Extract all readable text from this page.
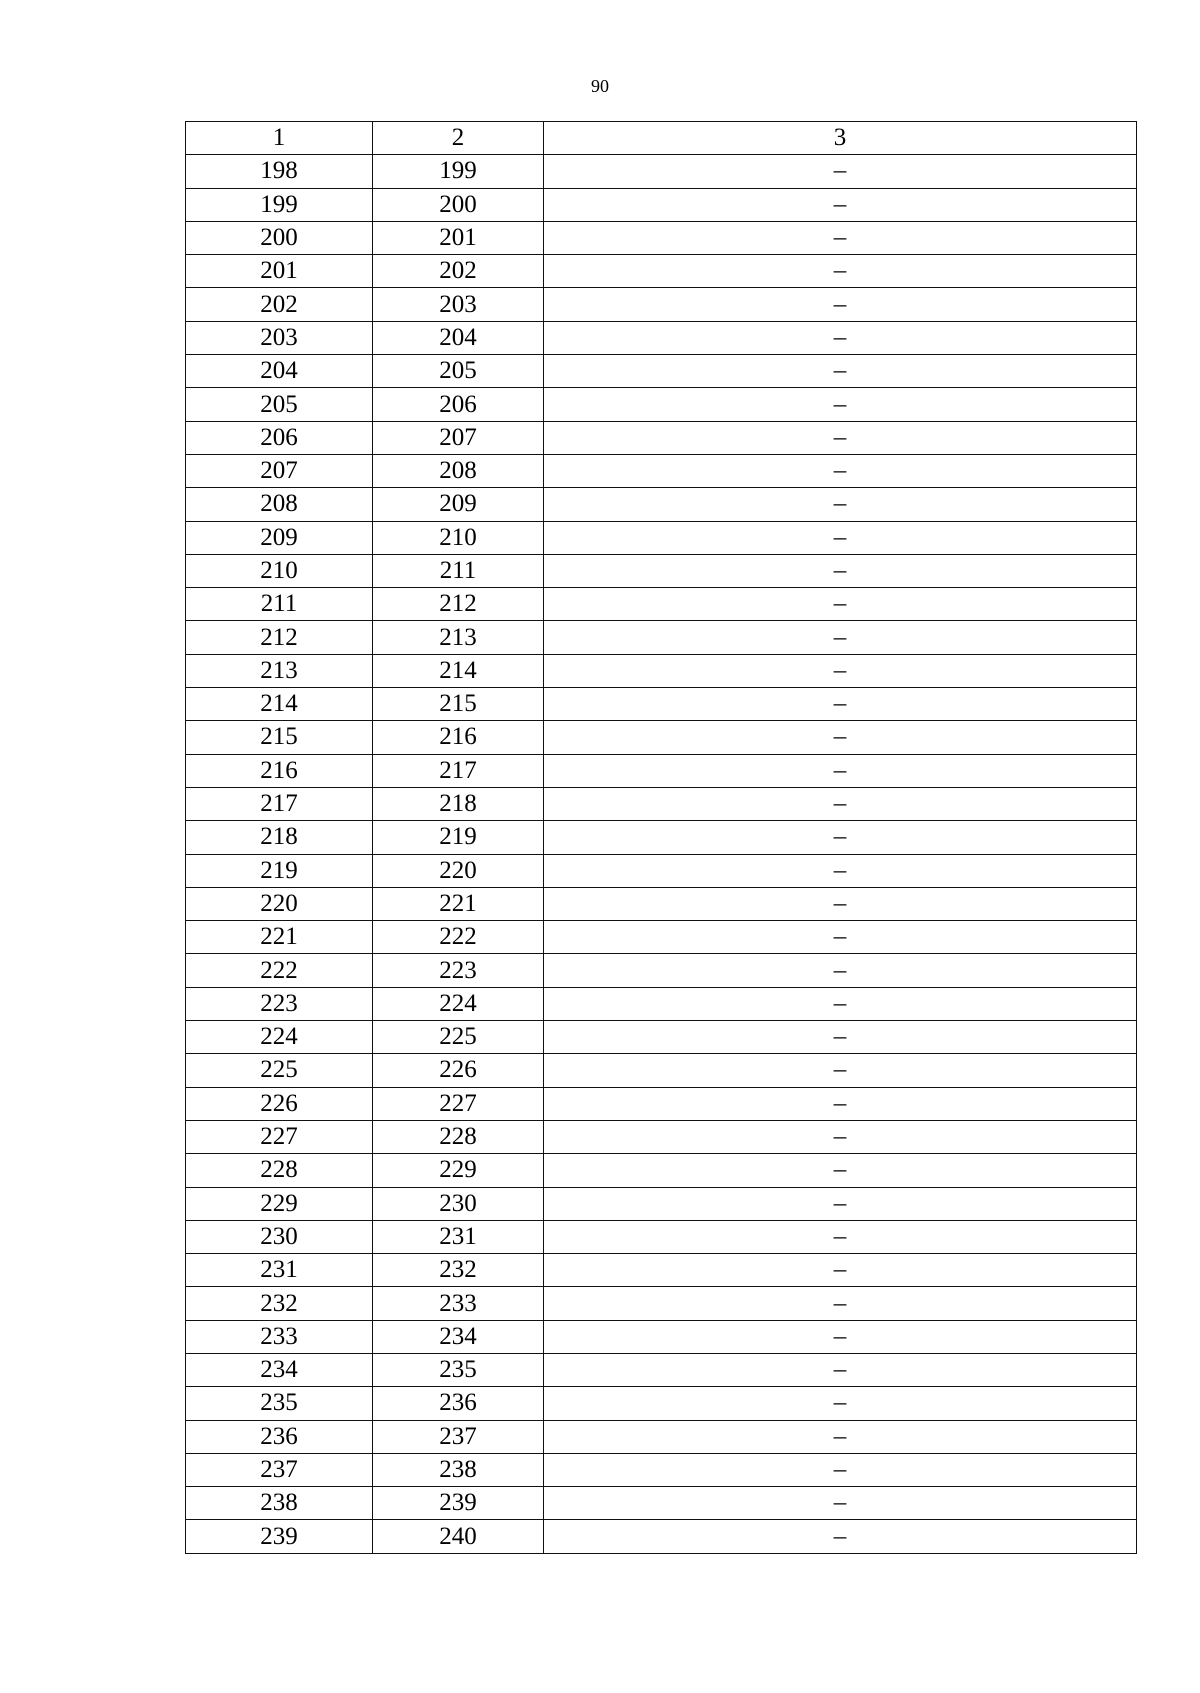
90
1	2	3
198	199	–
199	200	–
200	201	–
201	202	–
202	203	–
203	204	–
204	205	–
205	206	–
206	207	–
207	208	–
208	209	–
209	210	–
210	211	–
211	212	–
212	213	–
213	214	–
214	215	–
215	216	–
216	217	–
217	218	–
218	219	–
219	220	–
220	221	–
221	222	–
222	223	–
223	224	–
224	225	–
225	226	–
226	227	–
227	228	–
228	229	–
229	230	–
230	231	–
231	232	–
232	233	–
233	234	–
234	235	–
235	236	–
236	237	–
237	238	–
238	239	–
239	240	–
